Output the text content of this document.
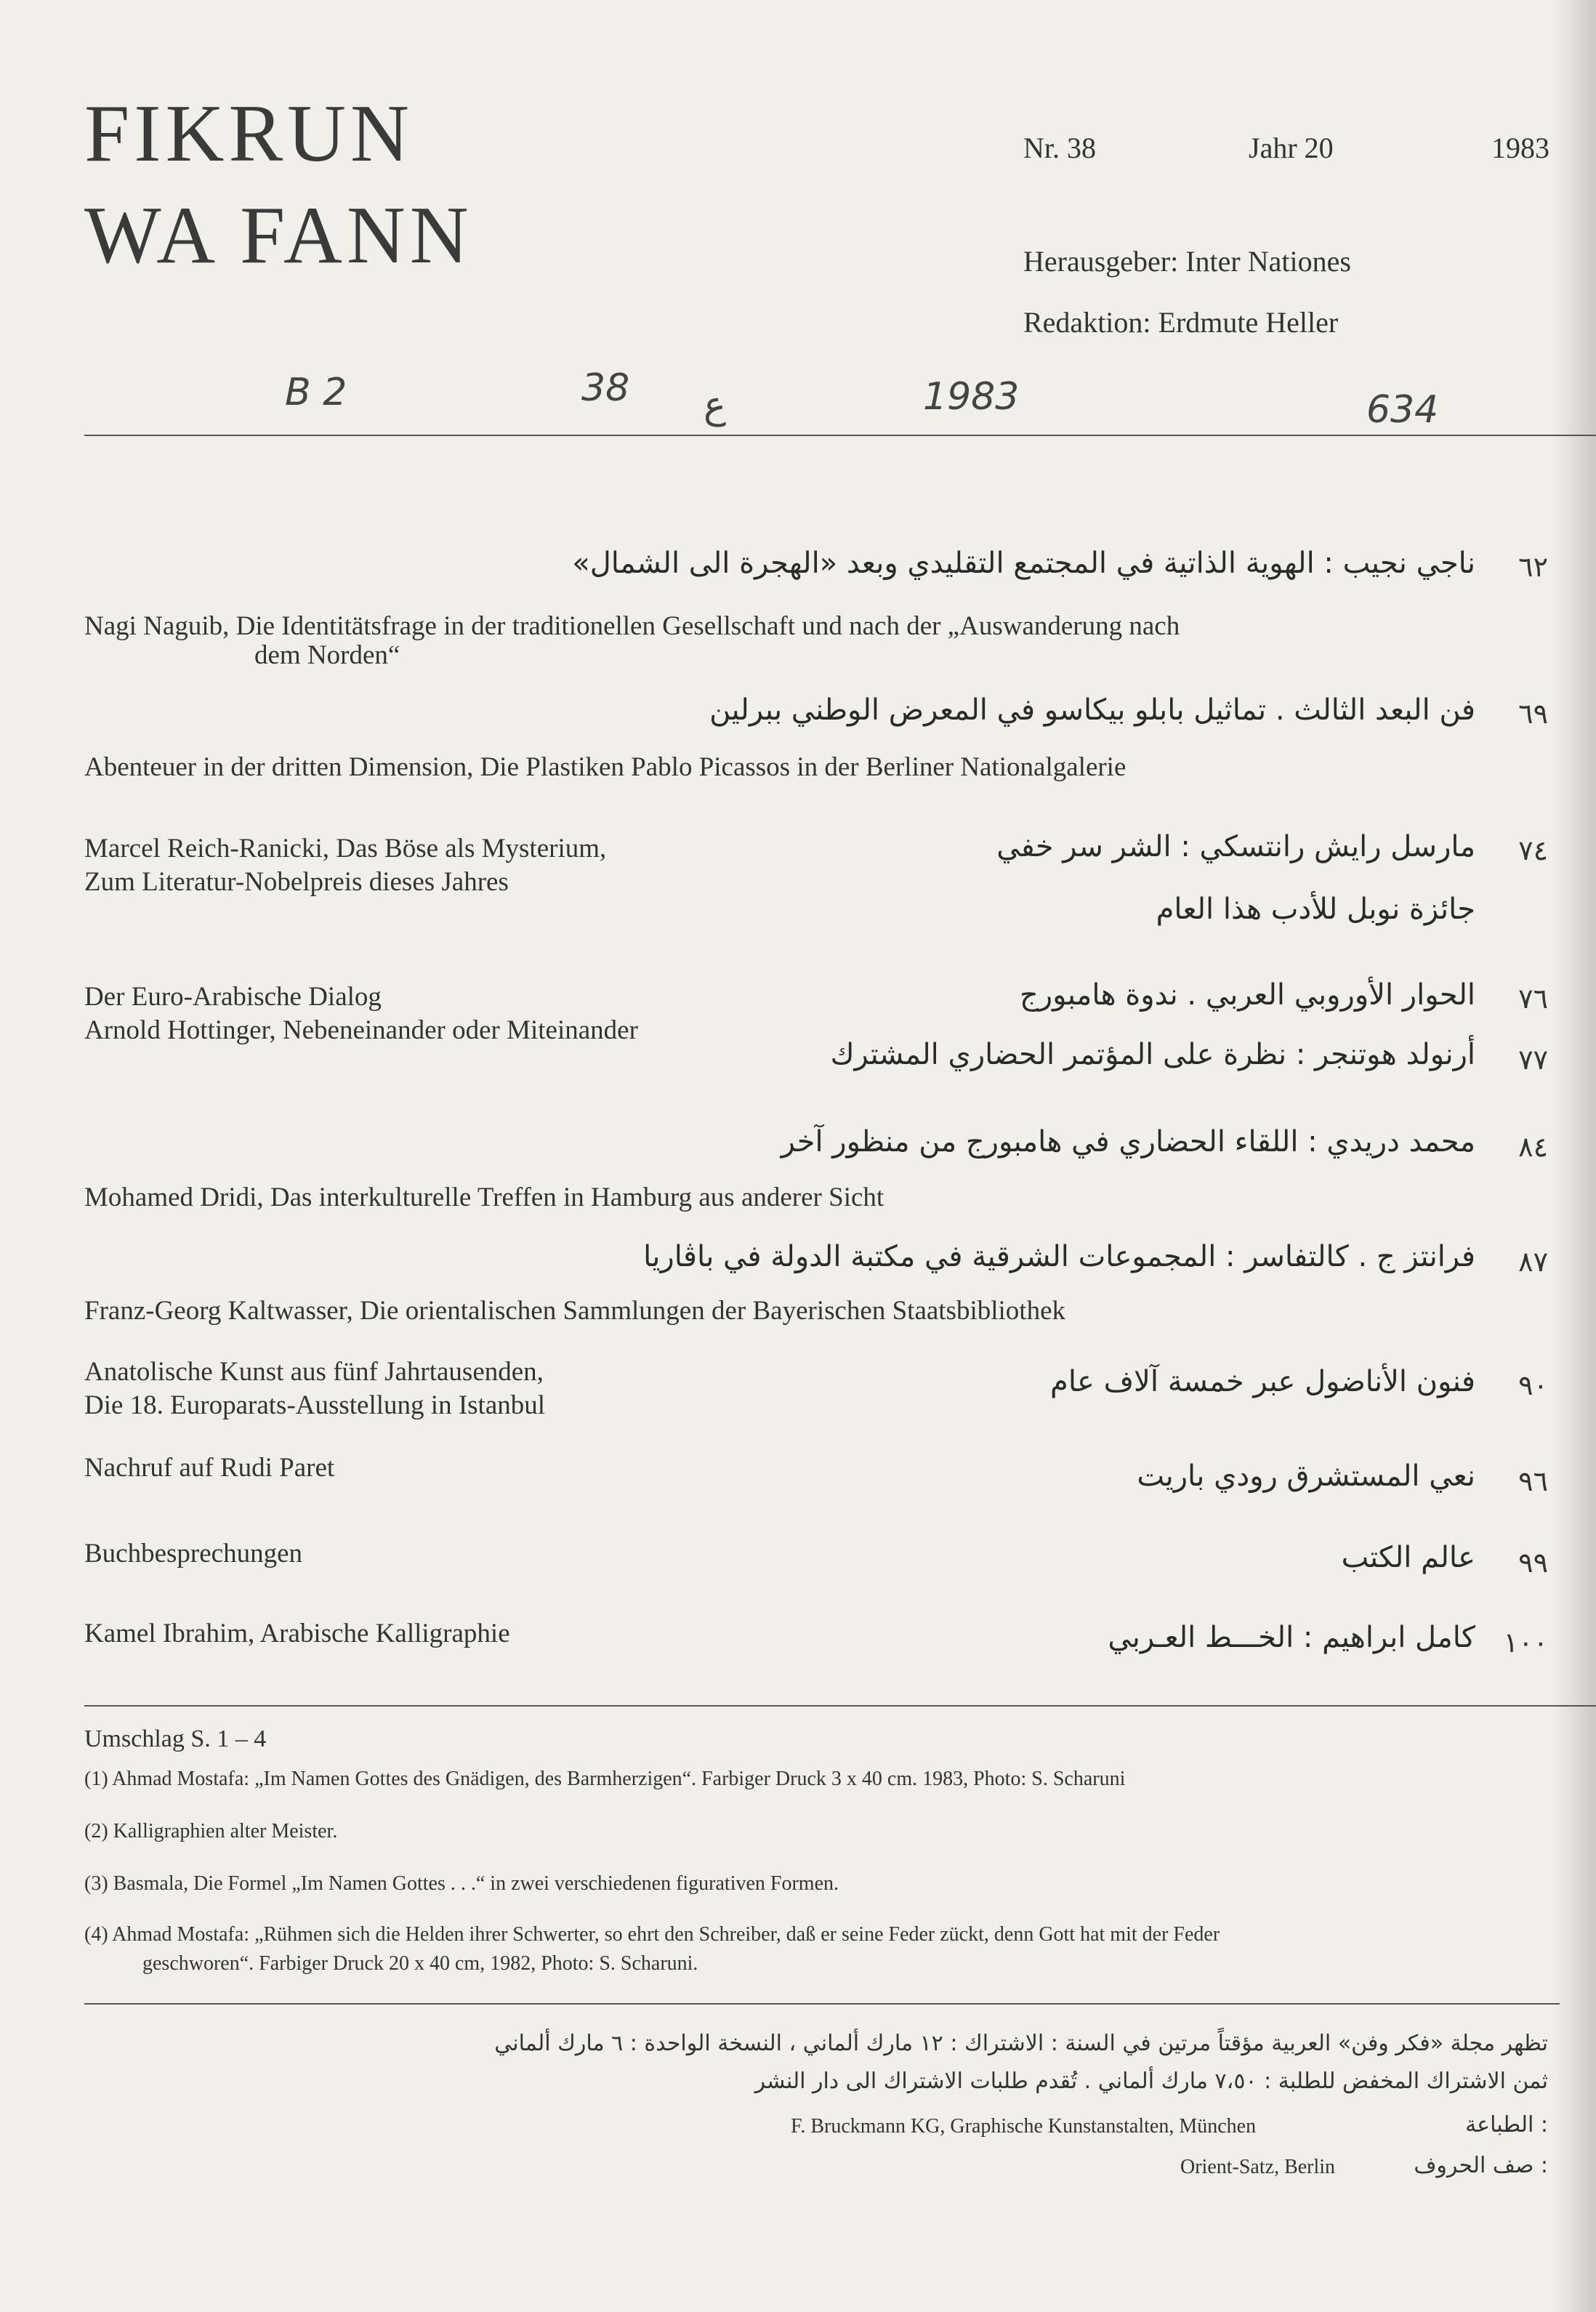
FIKRUN
WA FANN
Nr. 38	Jahr 20	1983
Herausgeber: Inter Nationes
Redaktion: Erdmute Heller
B 2	38 ع	1983	634
٦٢
ناجي نجيب : الهوية الذاتية في المجتمع التقليدي وبعد «الهجرة الى الشمال»
Nagi Naguib, Die Identitätsfrage in der traditionellen Gesellschaft und nach der „Auswanderung nach
dem Norden“
٦٩
فن البعد الثالث . تماثيل بابلو بيكاسو في المعرض الوطني ببرلين
Abenteuer in der dritten Dimension, Die Plastiken Pablo Picassos in der Berliner Nationalgalerie
٧٤
مارسل رايش رانتسكي : الشر سر خفي
جائزة نوبل للأدب هذا العام
Marcel Reich-Ranicki, Das Böse als Mysterium,
Zum Literatur-Nobelpreis dieses Jahres
٧٦
الحوار الأوروبي العربي . ندوة هامبورج
Der Euro-Arabische Dialog
٧٧
أرنولد هوتنجر : نظرة على المؤتمر الحضاري المشترك
Arnold Hottinger, Nebeneinander oder Miteinander
٨٤
محمد دريدي : اللقاء الحضاري في هامبورج من منظور آخر
Mohamed Dridi, Das interkulturelle Treffen in Hamburg aus anderer Sicht
٨٧
فرانتز ج . كالتفاسر : المجموعات الشرقية في مكتبة الدولة في باڤاريا
Franz-Georg Kaltwasser, Die orientalischen Sammlungen der Bayerischen Staatsbibliothek
٩٠
فنون الأناضول عبر خمسة آلاف عام
Anatolische Kunst aus fünf Jahrtausenden,
Die 18. Europarats-Ausstellung in Istanbul
٩٦
نعي المستشرق رودي باريت
Nachruf auf Rudi Paret
٩٩
عالم الكتب
Buchbesprechungen
١٠٠
كامل ابراهيم : الخـــط العـربي
Kamel Ibrahim, Arabische Kalligraphie
Umschlag S. 1 – 4
(1) Ahmad Mostafa: „Im Namen Gottes des Gnädigen, des Barmherzigen“. Farbiger Druck 3 x 40 cm. 1983, Photo: S. Scharuni
(2) Kalligraphien alter Meister.
(3) Basmala, Die Formel „Im Namen Gottes . . .“ in zwei verschiedenen figurativen Formen.
(4) Ahmad Mostafa: „Rühmen sich die Helden ihrer Schwerter, so ehrt den Schreiber, daß er seine Feder zückt, denn Gott hat mit der Feder
geschworen“. Farbiger Druck 20 x 40 cm, 1982, Photo: S. Scharuni.
تظهر مجلة «فكر وفن» العربية مؤقتاً مرتين في السنة : الاشتراك : ١٢ مارك ألماني ، النسخة الواحدة : ٦ مارك ألماني
ثمن الاشتراك المخفض للطلبة : ٧،٥٠ مارك ألماني . تُقدم طلبات الاشتراك الى دار النشر
F. Bruckmann KG, Graphische Kunstanstalten, München	: الطباعة
Orient-Satz, Berlin	: صف الحروف
